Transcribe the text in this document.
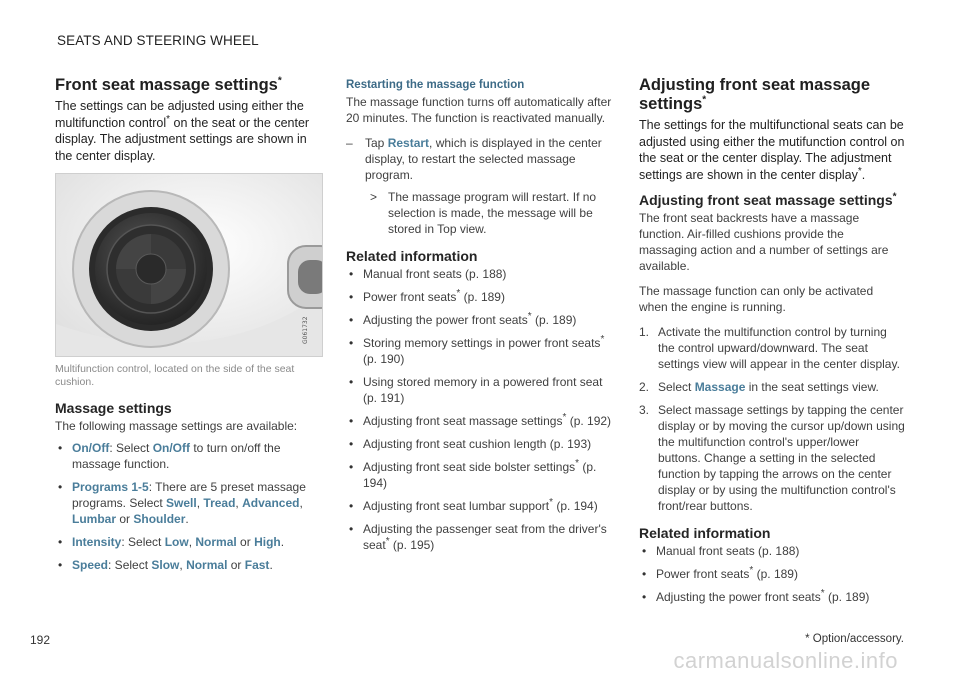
SEATS AND STEERING WHEEL
Front seat massage settings*

The settings can be adjusted using either the multifunction control* on the seat or the center display. The adjustment settings are shown in the center display.

G061732
Multifunction control, located on the side of the seat cushion.
Massage settings

The following massage settings are available:

• On/Off: Select On/Off to turn on/off the massage function.
• Programs 1-5: There are 5 preset massage programs. Select Swell, Tread, Advanced, Lumbar or Shoulder.
• Intensity: Select Low, Normal or High.
• Speed: Select Slow, Normal or Fast.
Restarting the massage function

The massage function turns off automatically after 20 minutes. The function is reactivated manually.

– Tap Restart, which is displayed in the center display, to restart the selected massage program.
> The massage program will restart. If no selection is made, the message will be stored in Top view.
Related information
• Manual front seats (p. 188)
• Power front seats* (p. 189)
• Adjusting the power front seats* (p. 189)
• Storing memory settings in power front seats* (p. 190)
• Using stored memory in a powered front seat (p. 191)
• Adjusting front seat massage settings* (p. 192)
• Adjusting front seat cushion length (p. 193)
• Adjusting front seat side bolster settings* (p. 194)
• Adjusting front seat lumbar support* (p. 194)
• Adjusting the passenger seat from the driver's seat* (p. 195)
Adjusting front seat massage settings*

The settings for the multifunctional seats can be adjusted using either the mutifunction control on the seat or the center display. The adjustment settings are shown in the center display*.

Adjusting front seat massage settings*

The front seat backrests have a massage function. Air-filled cushions provide the massaging action and a number of settings are available.

The massage function can only be activated when the engine is running.

1. Activate the multifunction control by turning the control upward/downward. The seat settings view will appear in the center display.
2. Select Massage in the seat settings view.
3. Select massage settings by tapping the center display or by moving the cursor up/down using the multifunction control's upper/lower buttons. Change a setting in the selected function by tapping the arrows on the center display or by using the multifunction control's front/rear buttons.
Related information
• Manual front seats (p. 188)
• Power front seats* (p. 189)
• Adjusting the power front seats* (p. 189)
192	* Option/accessory.
carmanualsonline.info
